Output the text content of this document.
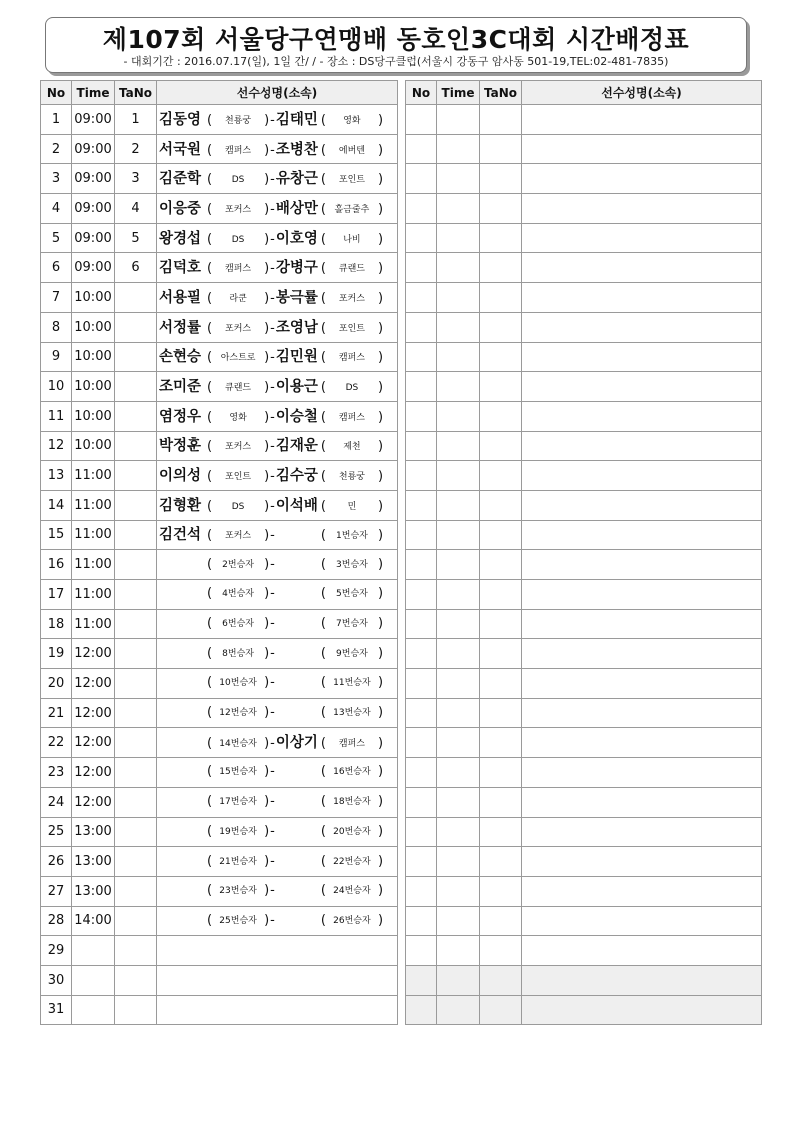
제107회 서울당구연맹배 동호인3C대회 시간배정표
- 대회기간 : 2016.07.17(일), 1일 간/ / - 장소 : DS당구클럽(서울시 강동구 암사동 501-19,TEL:02-481-7835)
No	Time	TaNo	선수성명(소속)
1	09:00	1	김동영 ( 천룡궁 )-김태민 ( 영화 )
2	09:00	2	서국원 ( 캠퍼스 )-조병찬 ( 에버텐 )
3	09:00	3	김준학 ( DS )-유창근 ( 포인트 )
4	09:00	4	이응중 ( 포커스 )-배상만 ( 홀금줄추 )
5	09:00	5	왕경섭 ( DS )-이호영 ( 나비 )
6	09:00	6	김덕호 ( 캠퍼스 )-강병구 ( 큐랜드 )
7	10:00		서용필 ( 라쿤 )-봉극률 ( 포커스 )
8	10:00		서정률 ( 포커스 )-조영남 ( 포인트 )
9	10:00		손현승 ( 아스트로 )-김민원 ( 캠퍼스 )
10	10:00		조미준 ( 큐랜드 )-이용근 ( DS )
11	10:00		염정우 ( 영화 )-이승철 ( 캠퍼스 )
12	10:00		박정훈 ( 포커스 )-김재운 ( 제천 )
13	11:00		이의성 ( 포인트 )-김수궁 ( 천룡궁 )
14	11:00		김형환 ( DS )-이석배 ( 민 )
15	11:00		김건석 ( 포커스 )- ( 1번승자 )
16	11:00		( 2번승자 )- ( 3번승자 )
17	11:00		( 4번승자 )- ( 5번승자 )
18	11:00		( 6번승자 )- ( 7번승자 )
19	12:00		( 8번승자 )- ( 9번승자 )
20	12:00		( 10번승자 )- ( 11번승자 )
21	12:00		( 12번승자 )- ( 13번승자 )
22	12:00		( 14번승자 )-이상기 ( 캠퍼스 )
23	12:00		( 15번승자 )- ( 16번승자 )
24	12:00		( 17번승자 )- ( 18번승자 )
25	13:00		( 19번승자 )- ( 20번승자 )
26	13:00		( 21번승자 )- ( 22번승자 )
27	13:00		( 23번승자 )- ( 24번승자 )
28	14:00		( 25번승자 )- ( 26번승자 )
29			
30			
31			
No	Time	TaNo	선수성명(소속)
